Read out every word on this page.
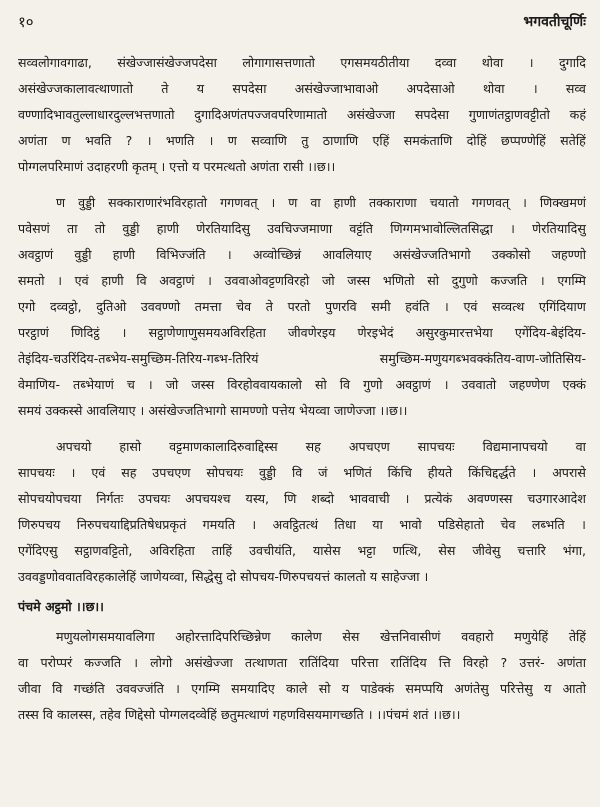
१०	भगवतीचूर्णिः
सव्वलोगावगाढा, संखेज्जासंखेज्जपदेसा लोगागासत्तणातो एगसमयठीतीया दव्वा थोवा । दुगादि
असंखेज्जकालावत्थाणातो ते य सपदेसा असंखेज्जाभावाओ अपदेसाओ थोवा । सव्व
वण्णादिभावतुल्लाधारदुल्लभत्तणातो दुगादिअणंतपज्जवपरिणामातो असंखेज्जा सपदेसा गुणाणंतट्ठाणवट्टीतो कहं
अणंता ण भवति ? । भणति । ण सव्वाणि तु ठाणाणि एहिं समकंताणि दोहिं छप्पण्णेहिं सतेहिं
पोग्गलपरिमाणं उदाहरणी कृतम् । एत्तो य परमत्थतो अणंता रासी ।।छ।।
ण वुड्डी सक्काराणारंभविरहातो गगणवत् । ण वा हाणी तक्काराणा चयातो गगणवत् । णिक्खमणं
पवेसणं ता तो वुड्डी हाणी णेरतियादिसु उवचिज्जमाणा वट्टंति णिग्गमभावोल्लितसिद्धा । णेरतियादिसु
अवट्ठाणं वुड्डी हाणी विभिज्जंति । अव्वोच्छिन्नं आवलियाए असंखेज्जतिभागो उक्कोसो जहण्णो
समतो । एवं हाणी वि अवट्ठाणं । उववाओवट्टणविरहो जो जस्स भणितो सो दुगुणो कज्जति । एगम्मि
एगो दव्वट्ठो, दुतिओ उववण्णो तमत्ता चेव ते परतो पुणरवि समी हवंति । एवं सव्वत्थ एगिंदियाण
परट्ठाणं णिदिट्ठं । सट्ठाणेणाणुसमयअविरहिता जीवणेरइय णेरइभेदं असुरकुमारत्तभेया एगेंदिय-बेइंदिय-
तेइंदिय-चउरिंदिय-तब्भेय-समुच्छिम-तिरिय-गब्भ-तिरियं	समुच्छिम-मणुयगब्भवक्कंतिय-वाण-जोतिसिय-
वेमाणिय- तब्भेयाणं च । जो जस्स विरहोववायकालो सो वि गुणो अवट्ठाणं । उववातो जहण्णेण एक्कं
समयं उक्कस्से आवलियाए । असंखेज्जतिभागो सामण्णो पत्तेय भेयव्वा जाणेज्जा ।।छ।।
अपचयो हासो वट्टमाणकालादिरुवाद्दिस्स सह अपचएण सापचयः विद्यमानापचयो वा
सापचयः । एवं सह उपचएण सोपचयः वुड्डी वि जं भणितं किंचि हीयते किंचिद्दर्द्धते । अपरासे
सोपचयोपचया निर्गतः उपचयः अपचयश्च यस्य, णि शब्दो भाववाची । प्रत्येकं अवण्णस्स चउगारआदेश
णिरुपचय निरुपचयाद्दिप्रतिषेधप्रकृतं गमयति । अवट्ठितत्थं तिधा या भावो पडिसेहातो चेव लब्भति ।
एगेंदिएसु सट्ठाणवट्टितो, अविरहिता ताहिं उवचीयंति, यासेस भट्टा णत्थि, सेस जीवेसु चत्तारि भंगा,
उववड्डणोववातविरहकालेहिं जाणेयव्वा, सिद्धेसु दो सोपचय-णिरुपचयत्तं कालतो य साहेज्जा ।
पंचमे अट्ठमो ।।छ।।
मणुयलोगसमयावलिगा अहोरत्तादिपरिच्छिन्नेण कालेण सेस खेत्तनिवासीणं ववहारो मणुयेहिं तेहिं
वा परोप्परं कज्जति । लोगो असंखेज्जा तत्थाणता रातिंदिया परित्ता रातिंदिय त्ति विरहो ? उत्तरं- अणंता
जीवा वि गच्छंति उववज्जंति । एगम्मि समयादिए काले सो य पाडेक्कं समप्पयि अणंतेसु परित्तेसु य आतो
तस्स वि कालस्स, तहेव णिद्देसो पोग्गलदव्वेहिं छतुमत्थाणं गहणविसयमागच्छति । ।।पंचमं शतं ।।छ।।
